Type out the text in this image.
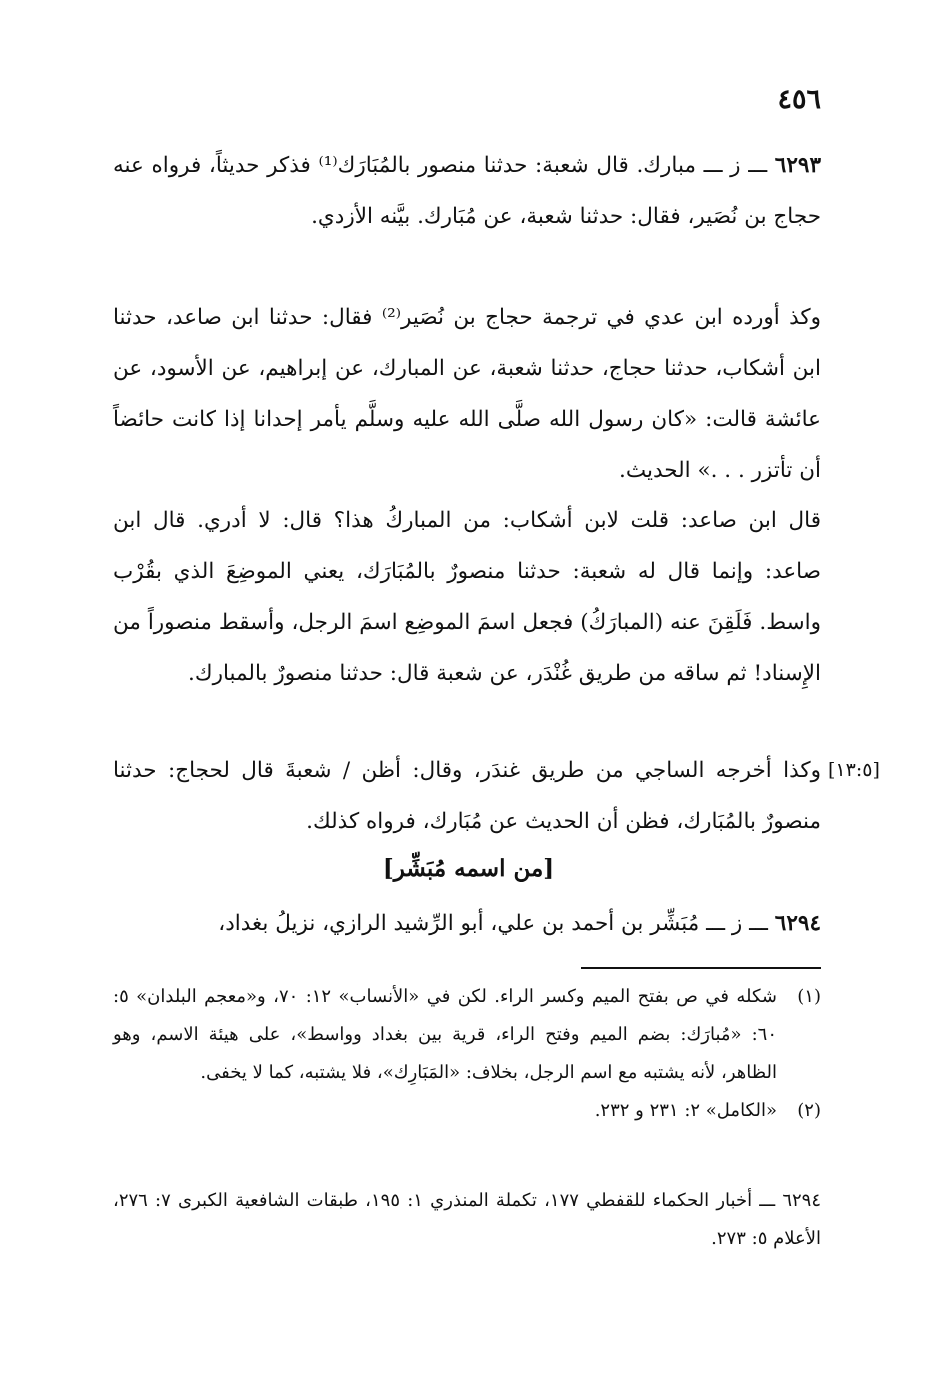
٤٥٦

٦٢٩٣ ـــ ز ـــ مبارك. قال شعبة: حدثنا منصور بالمُبَارَك⁽¹⁾ فذكر حديثاً، فرواه عنه حجاج بن نُصَير، فقال: حدثنا شعبة، عن مُبَارك. بيَّنه الأزدي.

وكذ أورده ابن عدي في ترجمة حجاج بن نُصَير⁽²⁾ فقال: حدثنا ابن صاعد، حدثنا ابن أشكاب، حدثنا حجاج، حدثنا شعبة، عن المبارك، عن إبراهيم، عن الأسود، عن عائشة قالت: «كان رسول الله صلَّى الله عليه وسلَّم يأمر إحدانا إذا كانت حائضاً أن تأتزر . . .» الحديث.

قال ابن صاعد: قلت لابن أشكاب: من المباركُ هذا؟ قال: لا أدري. قال ابن صاعد: وإنما قال له شعبة: حدثنا منصورٌ بالمُبَارَك، يعني الموضِعَ الذي بقُرْب واسط. فَلَقِنَ عنه (المبارَكُ) فجعل اسمَ الموضِع اسمَ الرجل، وأسقط منصوراً من الإِسناد! ثم ساقه من طريق غُنْدَر، عن شعبة قال: حدثنا منصورٌ بالمبارك.

[١٣:٥]

وكذا أخرجه الساجي من طريق غندَر، وقال: أظن / شعبةَ قال لحجاج: حدثنا منصورٌ بالمُبَارك، فظن أن الحديث عن مُبَارك، فرواه كذلك.

[من اسمه مُبَشِّر]

٦٢٩٤ ـــ ز ـــ مُبَشِّر بن أحمد بن علي، أبو الرِّشيد الرازي، نزيلُ بغداد،

(١)
شكله في ص بفتح الميم وكسر الراء. لكن في «الأنساب» ١٢: ٧٠، و«معجم البلدان» ٥: ٦٠: «مُبارَك: بضم الميم وفتح الراء، قرية بين بغداد وواسط»، على هيئة الاسم، وهو الظاهر، لأنه يشتبه مع اسم الرجل، بخلاف: «المَبَارِك»، فلا يشتبه، كما لا يخفى.

(٢)
«الكامل» ٢: ٢٣١ و ٢٣٢.

٦٢٩٤ ـــ أخبار الحكماء للقفطي ١٧٧، تكملة المنذري ١: ١٩٥، طبقات الشافعية الكبرى ٧: ٢٧٦، الأعلام ٥: ٢٧٣.
